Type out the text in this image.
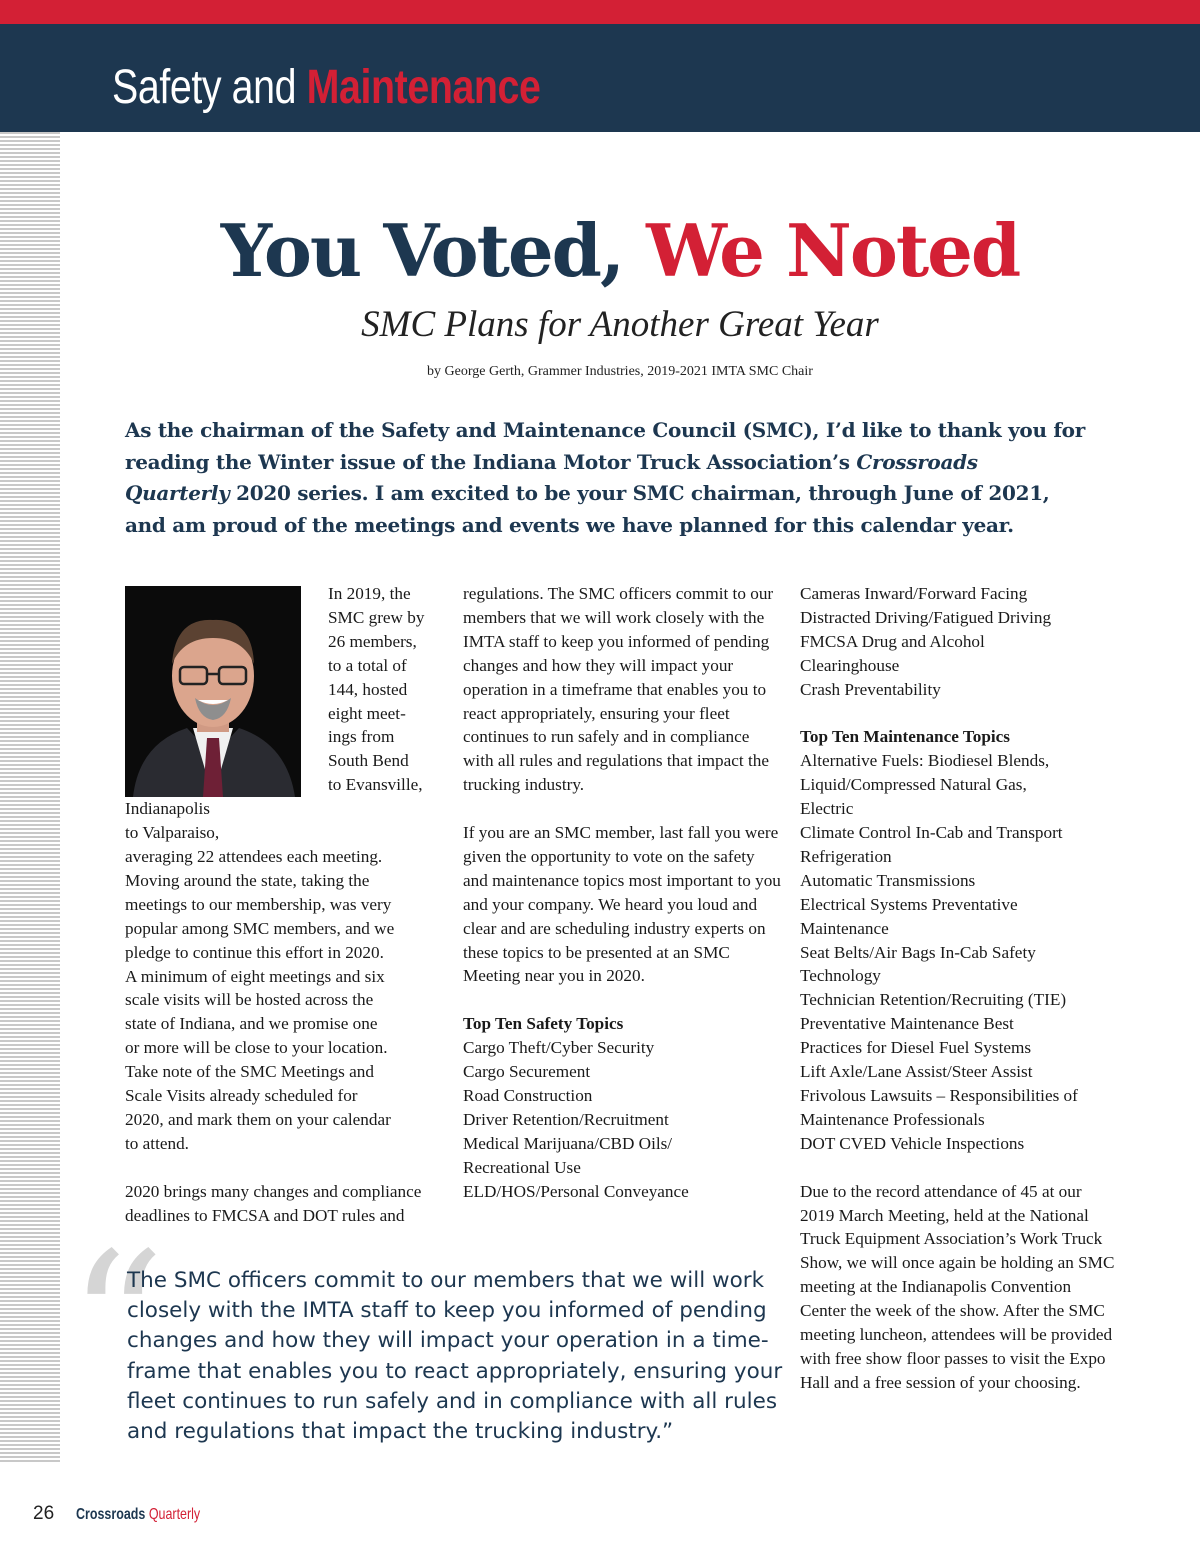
Safety and Maintenance
You Voted, We Noted
SMC Plans for Another Great Year
by George Gerth, Grammer Industries, 2019-2021 IMTA SMC Chair

As the chairman of the Safety and Maintenance Council (SMC), I’d like to thank you for reading the Winter issue of the Indiana Motor Truck Association’s Crossroads Quarterly 2020 series. I am excited to be your SMC chairman, through June of 2021, and am proud of the meetings and events we have planned for this calendar year.

In 2019, the
SMC grew by
26 members,
to a total of
144, hosted
eight meet-
ings from
South Bend
to Evansville,
Indianapolis
to Valparaiso,
averaging 22 attendees each meeting.
Moving around the state, taking the
meetings to our membership, was very
popular among SMC members, and we
pledge to continue this effort in 2020.
A minimum of eight meetings and six
scale visits will be hosted across the
state of Indiana, and we promise one
or more will be close to your location.
Take note of the SMC Meetings and
Scale Visits already scheduled for
2020, and mark them on your calendar
to attend.

2020 brings many changes and compliance deadlines to FMCSA and DOT rules and

regulations. The SMC officers commit to our members that we will work closely with the IMTA staff to keep you informed of pending changes and how they will impact your operation in a timeframe that enables you to react appropriately, ensuring your fleet continues to run safely and in compliance with all rules and regulations that impact the trucking industry.

If you are an SMC member, last fall you were given the opportunity to vote on the safety and maintenance topics most important to you and your company. We heard you loud and clear and are scheduling industry experts on these topics to be presented at an SMC Meeting near you in 2020.

Top Ten Safety Topics
Cargo Theft/Cyber Security
Cargo Securement
Road Construction
Driver Retention/Recruitment
Medical Marijuana/CBD Oils/
Recreational Use
ELD/HOS/Personal Conveyance

Cameras Inward/Forward Facing
Distracted Driving/Fatigued Driving
FMCSA Drug and Alcohol
Clearinghouse
Crash Preventability

Top Ten Maintenance Topics
Alternative Fuels: Biodiesel Blends,
Liquid/Compressed Natural Gas,
Electric
Climate Control In-Cab and Transport
Refrigeration
Automatic Transmissions
Electrical Systems Preventative
Maintenance
Seat Belts/Air Bags In-Cab Safety
Technology
Technician Retention/Recruiting (TIE)
Preventative Maintenance Best
Practices for Diesel Fuel Systems
Lift Axle/Lane Assist/Steer Assist
Frivolous Lawsuits – Responsibilities of
Maintenance Professionals
DOT CVED Vehicle Inspections

Due to the record attendance of 45 at our 2019 March Meeting, held at the National Truck Equipment Association’s Work Truck Show, we will once again be holding an SMC meeting at the Indianapolis Convention Center the week of the show. After the SMC meeting luncheon, attendees will be provided with free show floor passes to visit the Expo Hall and a free session of your choosing.

“

The SMC officers commit to our members that we will work
closely with the IMTA staff to keep you informed of pending
changes and how they will impact your operation in a time-
frame that enables you to react appropriately, ensuring your
fleet continues to run safely and in compliance with all rules
and regulations that impact the trucking industry.”

26 Crossroads Quarterly
